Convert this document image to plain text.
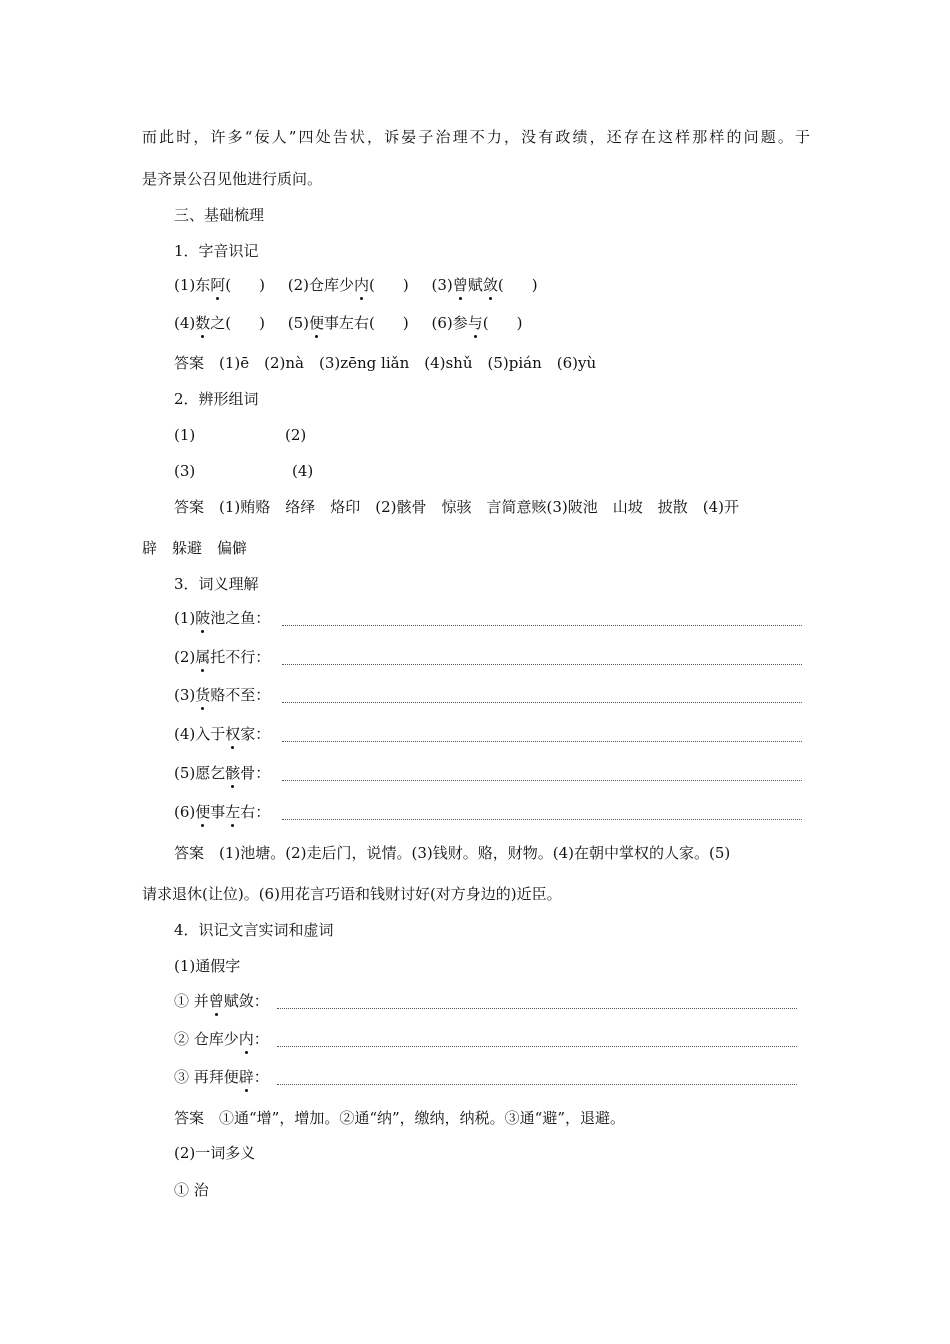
而此时，许多“佞人”四处告状，诉晏子治理不力，没有政绩，还存在这样那样的问题。于
是齐景公召见他进行质问。
三、基础梳理
1．字音识记
(1)东阿( ) (2)仓库少内( ) (3)曾赋敛( )
(4)数之( ) (5)便事左右( ) (6)参与( )
答案　(1)ē　(2)nà　(3)zēng liǎn　(4)shǔ　(5)pián　(6)yù
2．辨形组词
(1)	(2)
(3)	(4)
答案　(1)贿赂　络绎　烙印　(2)骸骨　惊骇　言简意赅(3)陂池　山坡　披散　(4)开
辟　躲避　偏僻
3．词义理解
(1)陂池之鱼：
(2)属托不行：
(3)货赂不至：
(4)入于权家：
(5)愿乞骸骨：
(6)便事左右：
答案　(1)池塘。(2)走后门，说情。(3)钱财。赂，财物。(4)在朝中掌权的人家。(5)
请求退休(让位)。(6)用花言巧语和钱财讨好(对方身边的)近臣。
4．识记文言实词和虚词
(1)通假字
① 并曾赋敛：
② 仓库少内：
③ 再拜便辟：
答案　①通“增”，增加。②通“纳”，缴纳，纳税。③通“避”，退避。
(2)一词多义
① 治
